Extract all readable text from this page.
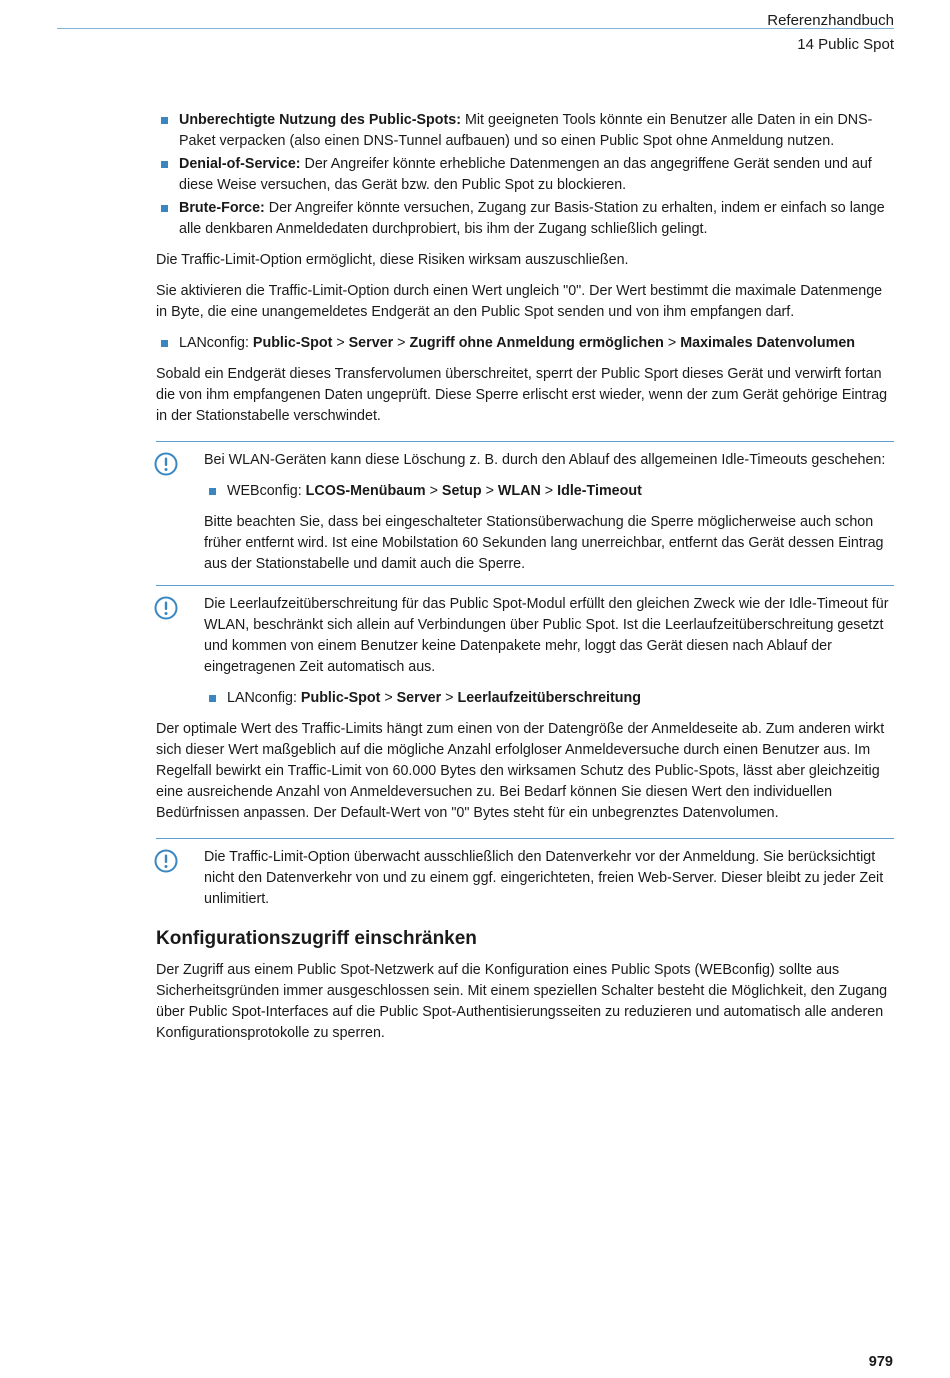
Referenzhandbuch
14 Public Spot
Unberechtigte Nutzung des Public-Spots: Mit geeigneten Tools könnte ein Benutzer alle Daten in ein DNS-Paket verpacken (also einen DNS-Tunnel aufbauen) und so einen Public Spot ohne Anmeldung nutzen.
Denial-of-Service: Der Angreifer könnte erhebliche Datenmengen an das angegriffene Gerät senden und auf diese Weise versuchen, das Gerät bzw. den Public Spot zu blockieren.
Brute-Force: Der Angreifer könnte versuchen, Zugang zur Basis-Station zu erhalten, indem er einfach so lange alle denkbaren Anmeldedaten durchprobiert, bis ihm der Zugang schließlich gelingt.

Die Traffic-Limit-Option ermöglicht, diese Risiken wirksam auszuschließen.

Sie aktivieren die Traffic-Limit-Option durch einen Wert ungleich "0". Der Wert bestimmt die maximale Datenmenge in Byte, die eine unangemeldetes Endgerät an den Public Spot senden und von ihm empfangen darf.

LANconfig: Public-Spot > Server > Zugriff ohne Anmeldung ermöglichen > Maximales Datenvolumen

Sobald ein Endgerät dieses Transfervolumen überschreitet, sperrt der Public Sport dieses Gerät und verwirft fortan die von ihm empfangenen Daten ungeprüft. Diese Sperre erlischt erst wieder, wenn der zum Gerät gehörige Eintrag in der Stationstabelle verschwindet.

Bei WLAN-Geräten kann diese Löschung z. B. durch den Ablauf des allgemeinen Idle-Timeouts geschehen:

WEBconfig: LCOS-Menübaum > Setup > WLAN > Idle-Timeout

Bitte beachten Sie, dass bei eingeschalteter Stationsüberwachung die Sperre möglicherweise auch schon früher entfernt wird. Ist eine Mobilstation 60 Sekunden lang unerreichbar, entfernt das Gerät dessen Eintrag aus der Stationstabelle und damit auch die Sperre.

Die Leerlaufzeitüberschreitung für das Public Spot-Modul erfüllt den gleichen Zweck wie der Idle-Timeout für WLAN, beschränkt sich allein auf Verbindungen über Public Spot. Ist die Leerlaufzeitüberschreitung gesetzt und kommen von einem Benutzer keine Datenpakete mehr, loggt das Gerät diesen nach Ablauf der eingetragenen Zeit automatisch aus.

LANconfig: Public-Spot > Server > Leerlaufzeitüberschreitung

Der optimale Wert des Traffic-Limits hängt zum einen von der Datengröße der Anmeldeseite ab. Zum anderen wirkt sich dieser Wert maßgeblich auf die mögliche Anzahl erfolgloser Anmeldeversuche durch einen Benutzer aus. Im Regelfall bewirkt ein Traffic-Limit von 60.000 Bytes den wirksamen Schutz des Public-Spots, lässt aber gleichzeitig eine ausreichende Anzahl von Anmeldeversuchen zu. Bei Bedarf können Sie diesen Wert den individuellen Bedürfnissen anpassen. Der Default-Wert von "0" Bytes steht für ein unbegrenztes Datenvolumen.

Die Traffic-Limit-Option überwacht ausschließlich den Datenverkehr vor der Anmeldung. Sie berücksichtigt nicht den Datenverkehr von und zu einem ggf. eingerichteten, freien Web-Server. Dieser bleibt zu jeder Zeit unlimitiert.

Konfigurationszugriff einschränken

Der Zugriff aus einem Public Spot-Netzwerk auf die Konfiguration eines Public Spots (WEBconfig) sollte aus Sicherheitsgründen immer ausgeschlossen sein. Mit einem speziellen Schalter besteht die Möglichkeit, den Zugang über Public Spot-Interfaces auf die Public Spot-Authentisierungsseiten zu reduzieren und automatisch alle anderen Konfigurationsprotokolle zu sperren.

979
